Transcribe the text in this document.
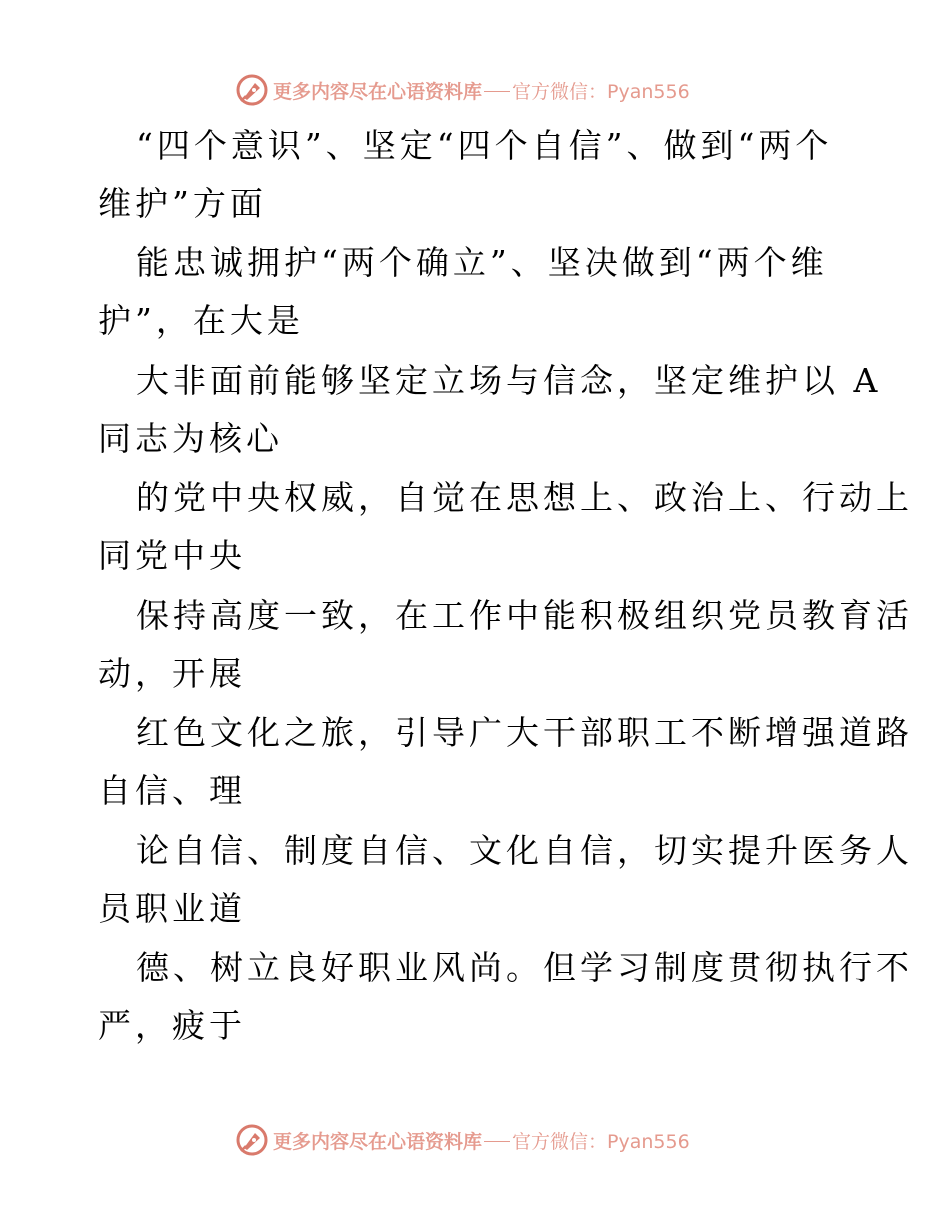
更多内容尽在心语资料库 官方微信：Pyan556
“四个意识”、坚定“四个自信”、做到“两个
维护”方面
能忠诚拥护“两个确立”、坚决做到“两个维
护”，在大是
大非面前能够坚定立场与信念，坚定维护以 A
同志为核心
的党中央权威，自觉在思想上、政治上、行动上
同党中央
保持高度一致，在工作中能积极组织党员教育活
动，开展
红色文化之旅，引导广大干部职工不断增强道路
自信、理
论自信、制度自信、文化自信，切实提升医务人
员职业道
德、树立良好职业风尚。但学习制度贯彻执行不
严，疲于
更多内容尽在心语资料库 官方微信：Pyan556
